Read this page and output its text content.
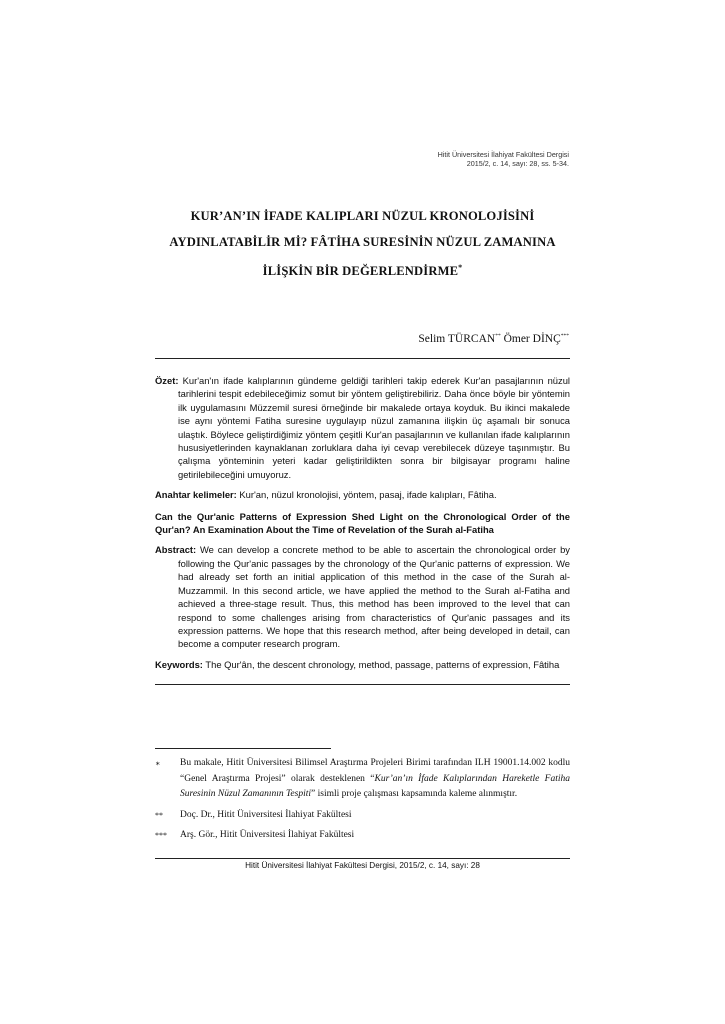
Hitit Üniversitesi İlahiyat Fakültesi Dergisi
2015/2, c. 14, sayı: 28, ss. 5-34.
KUR’AN’IN İFADE KALIPLARI NÜZUL KRONOLOJİSİNİ
AYDINLATABİLİR Mİ? FÂTİHA SURESİNİN NÜZUL ZAMANINA
İLİŞKİN BİR DEĞERLENDİRME*
Selim TÜRCAN** Ömer DİNÇ***
Özet: Kur'an'ın ifade kalıplarının gündeme geldiği tarihleri takip ederek Kur'an pasajlarının nüzul tarihlerini tespit edebileceğimiz somut bir yöntem geliştirebiliriz. Daha önce böyle bir yöntemin ilk uygulamasını Müzzemil suresi örneğinde bir makalede ortaya koyduk. Bu ikinci makalede ise aynı yöntemi Fatiha suresine uygulayıp nüzul zamanına ilişkin üç aşamalı bir sonuca ulaştık. Böylece geliştirdiğimiz yöntem çeşitli Kur'an pasajlarının ve kullanılan ifade kalıplarının hususiyetlerinden kaynaklanan zorluklara daha iyi cevap verebilecek düzeye taşınmıştır. Bu çalışma yönteminin yeteri kadar geliştirildikten sonra bir bilgisayar programı haline getirilebileceğini umuyoruz.
Anahtar kelimeler: Kur'an, nüzul kronolojisi, yöntem, pasaj, ifade kalıpları, Fâtiha.
Can the Qur'anic Patterns of Expression Shed Light on the Chronological Order of the Qur'an? An Examination About the Time of Revelation of the Surah al-Fatiha
Abstract: We can develop a concrete method to be able to ascertain the chronological order by following the Qur'anic passages by the chronology of the Qur'anic patterns of expression. We had already set forth an initial application of this method in the case of the Surah al-Muzzammil. In this second article, we have applied the method to the Surah al-Fatiha and achieved a three-stage result. Thus, this method has been improved to the level that can respond to some challenges arising from characteristics of Qur'anic passages and its expression patterns. We hope that this research method, after being developed in detail, can become a computer research program.
Keywords: The Qur'ân, the descent chronology, method, passage, patterns of expression, Fâtiha
∗ Bu makale, Hitit Üniversitesi Bilimsel Araştırma Projeleri Birimi tarafından ILH 19001.14.002 kodlu “Genel Araştırma Projesi” olarak desteklenen “Kur’an’ın İfade Kalıplarından Hareketle Fatiha Suresinin Nüzul Zamanının Tespiti” isimli proje çalışması kapsamında kaleme alınmıştır.
** Doç. Dr., Hitit Üniversitesi İlahiyat Fakültesi
*** Arş. Gör., Hitit Üniversitesi İlahiyat Fakültesi
Hitit Üniversitesi İlahiyat Fakültesi Dergisi, 2015/2, c. 14, sayı: 28
